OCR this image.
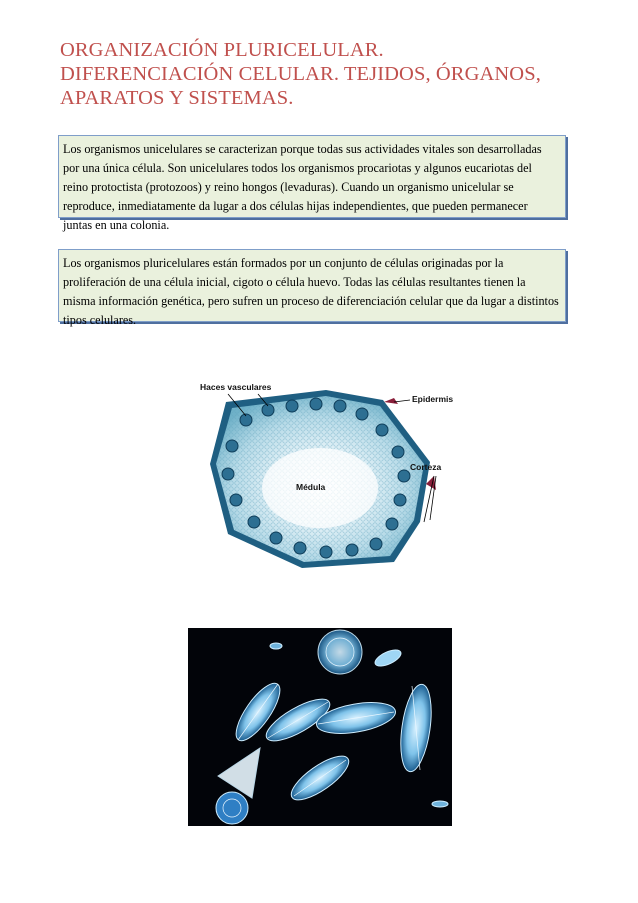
ORGANIZACIÓN PLURICELULAR.
DIFERENCIACIÓN CELULAR. TEJIDOS, ÓRGANOS,
APARATOS Y SISTEMAS.
Los organismos unicelulares se caracterizan porque todas sus actividades vitales son desarrolladas por una única célula. Son unicelulares todos los organismos procariotas y algunos eucariotas del reino protoctista (protozoos) y reino hongos (levaduras). Cuando un organismo unicelular se reproduce, inmediatamente da lugar a dos células hijas independientes, que pueden permanecer juntas en una colonia.
Los organismos pluricelulares están formados por un conjunto de células originadas por la proliferación de una célula inicial, cigoto o célula huevo. Todas las células resultantes tienen la misma información genética, pero sufren un proceso de diferenciación celular que da lugar a distintos tipos celulares.
Haces vasculares
Epidermis
Corteza
Médula
